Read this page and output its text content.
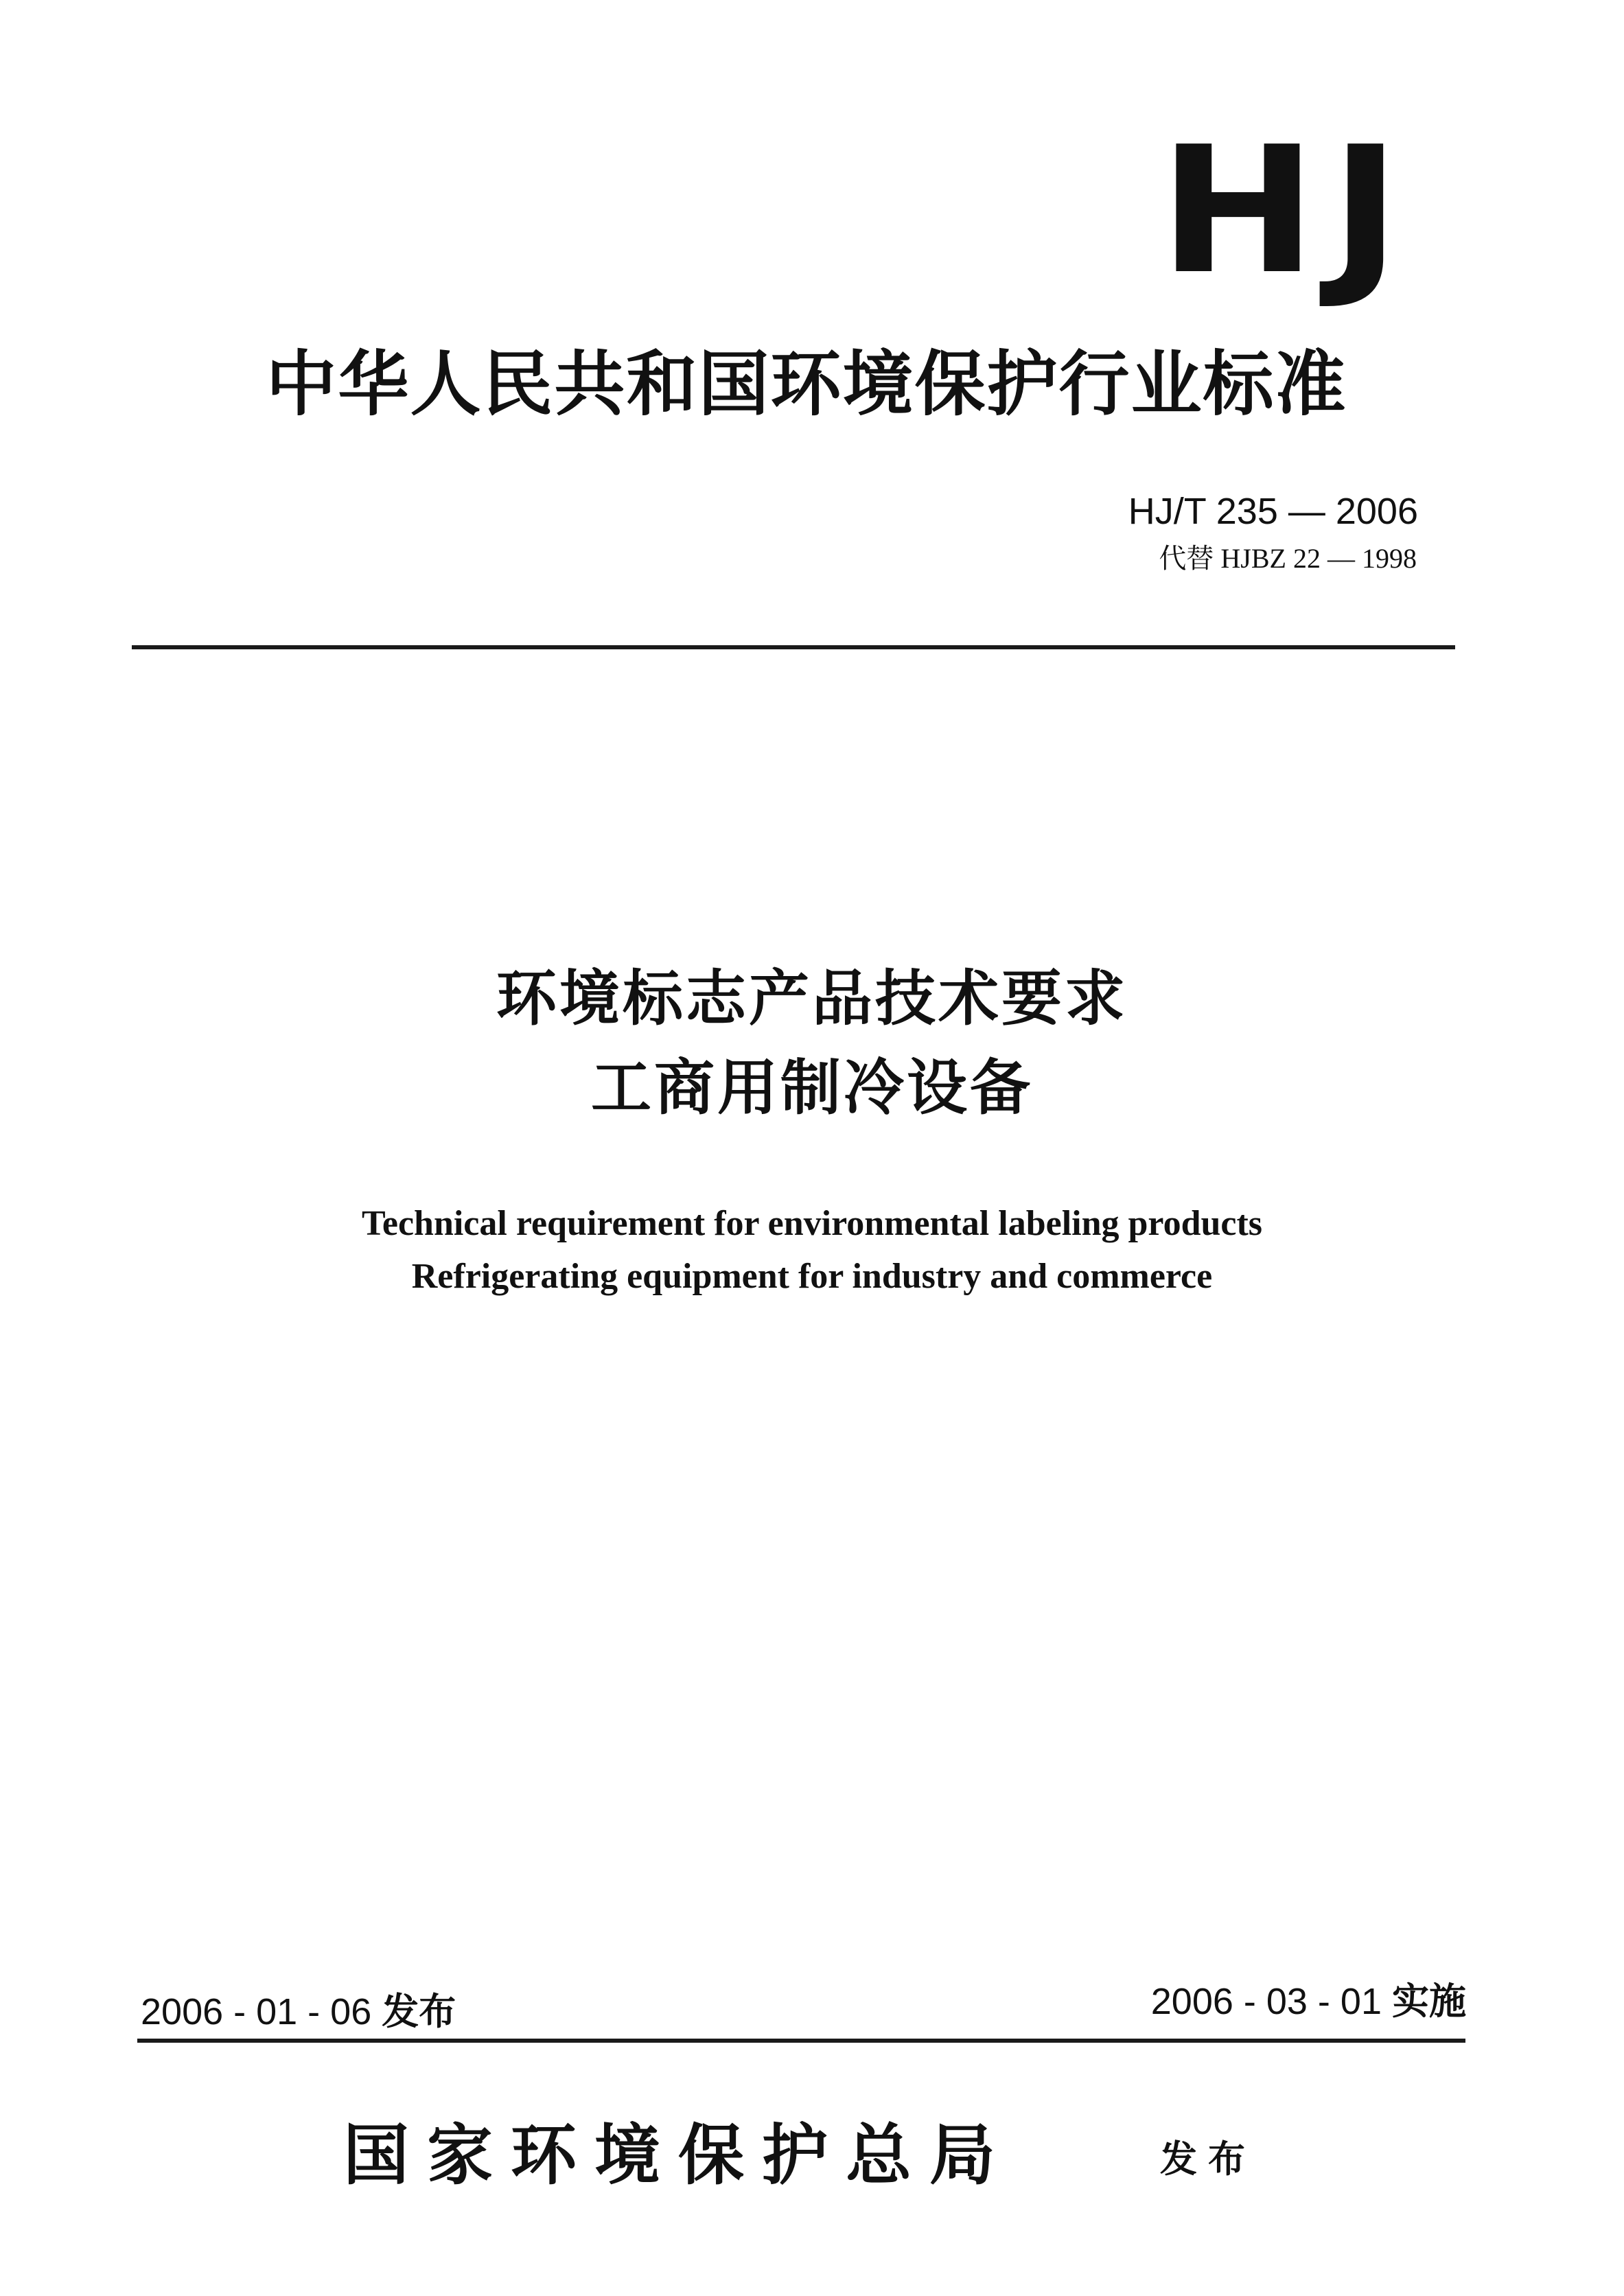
HJ
中华人民共和国环境保护行业标准
HJ/T 235 — 2006
代替 HJBZ 22 — 1998
环境标志产品技术要求
工商用制冷设备
Technical requirement for environmental labeling products
Refrigerating equipment for industry and commerce
2006 - 01 - 06 发布	2006 - 03 - 01 实施
国家环境保护总局	发布
